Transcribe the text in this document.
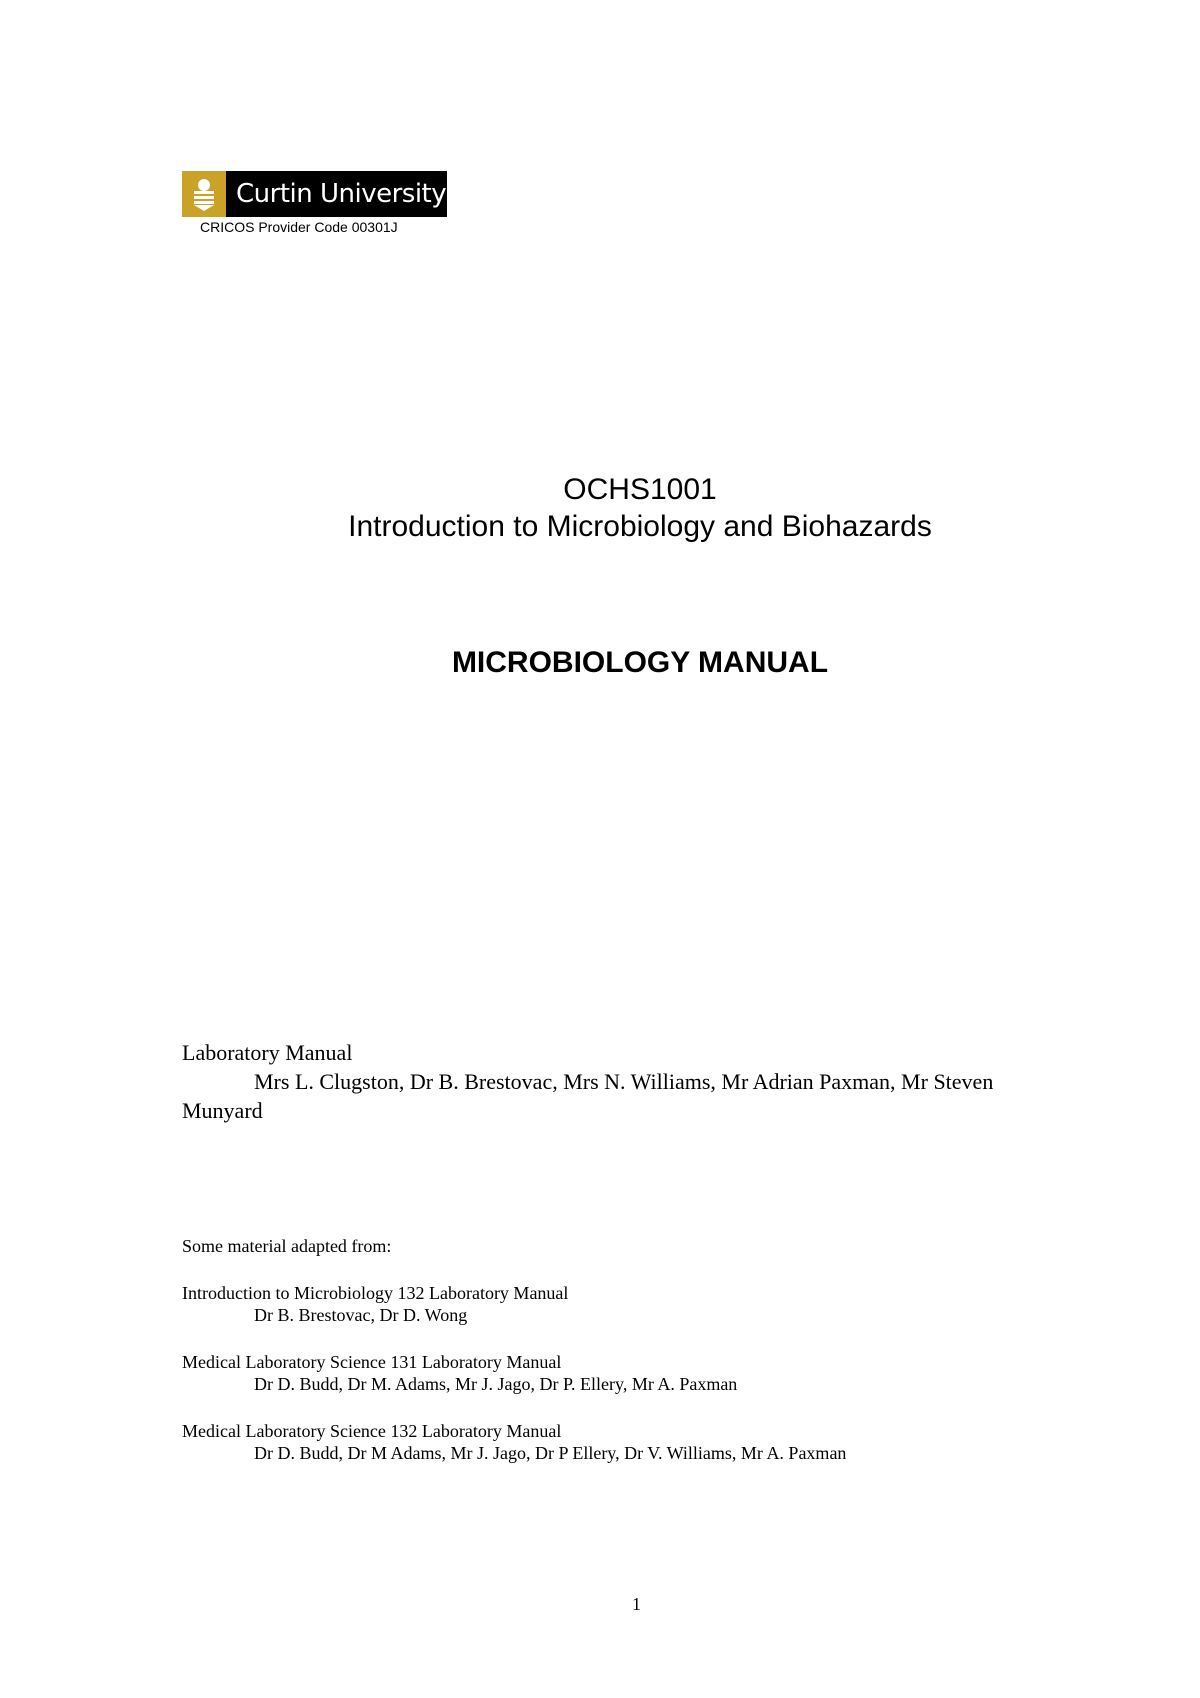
Curtin University
CRICOS Provider Code 00301J
OCHS1001
Introduction to Microbiology and Biohazards
MICROBIOLOGY MANUAL
Laboratory Manual
Mrs L. Clugston, Dr B. Brestovac, Mrs N. Williams, Mr Adrian Paxman, Mr Steven
Munyard
Some material adapted from:
Introduction to Microbiology 132 Laboratory Manual
Dr B. Brestovac, Dr D. Wong
Medical Laboratory Science 131 Laboratory Manual
Dr D. Budd, Dr M. Adams, Mr J. Jago, Dr P. Ellery, Mr A. Paxman
Medical Laboratory Science 132 Laboratory Manual
Dr D. Budd, Dr M Adams, Mr J. Jago, Dr P Ellery, Dr V. Williams, Mr A. Paxman
1
